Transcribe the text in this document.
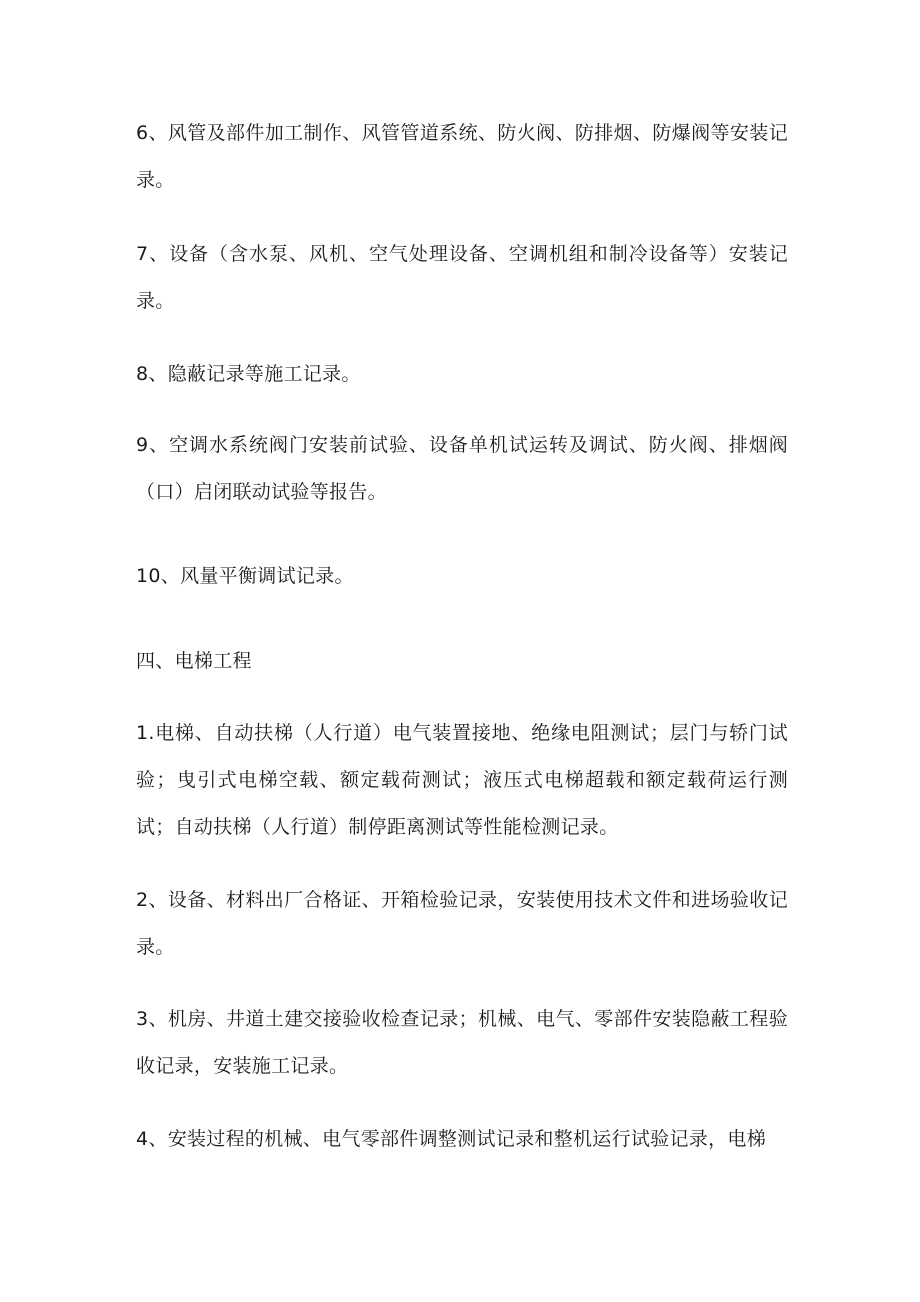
6、风管及部件加工制作、风管管道系统、防火阀、防排烟、防爆阀等安装记录。

7、设备（含水泵、风机、空气处理设备、空调机组和制冷设备等）安装记录。

8、隐蔽记录等施工记录。

9、空调水系统阀门安装前试验、设备单机试运转及调试、防火阀、排烟阀（口）启闭联动试验等报告。

10、风量平衡调试记录。

四、电梯工程

1.电梯、自动扶梯（人行道）电气装置接地、绝缘电阻测试；层门与轿门试验；曳引式电梯空载、额定载荷测试；液压式电梯超载和额定载荷运行测试；自动扶梯（人行道）制停距离测试等性能检测记录。

2、设备、材料出厂合格证、开箱检验记录，安装使用技术文件和进场验收记录。

3、机房、井道土建交接验收检查记录；机械、电气、零部件安装隐蔽工程验收记录，安装施工记录。

4、安装过程的机械、电气零部件调整测试记录和整机运行试验记录，电梯
